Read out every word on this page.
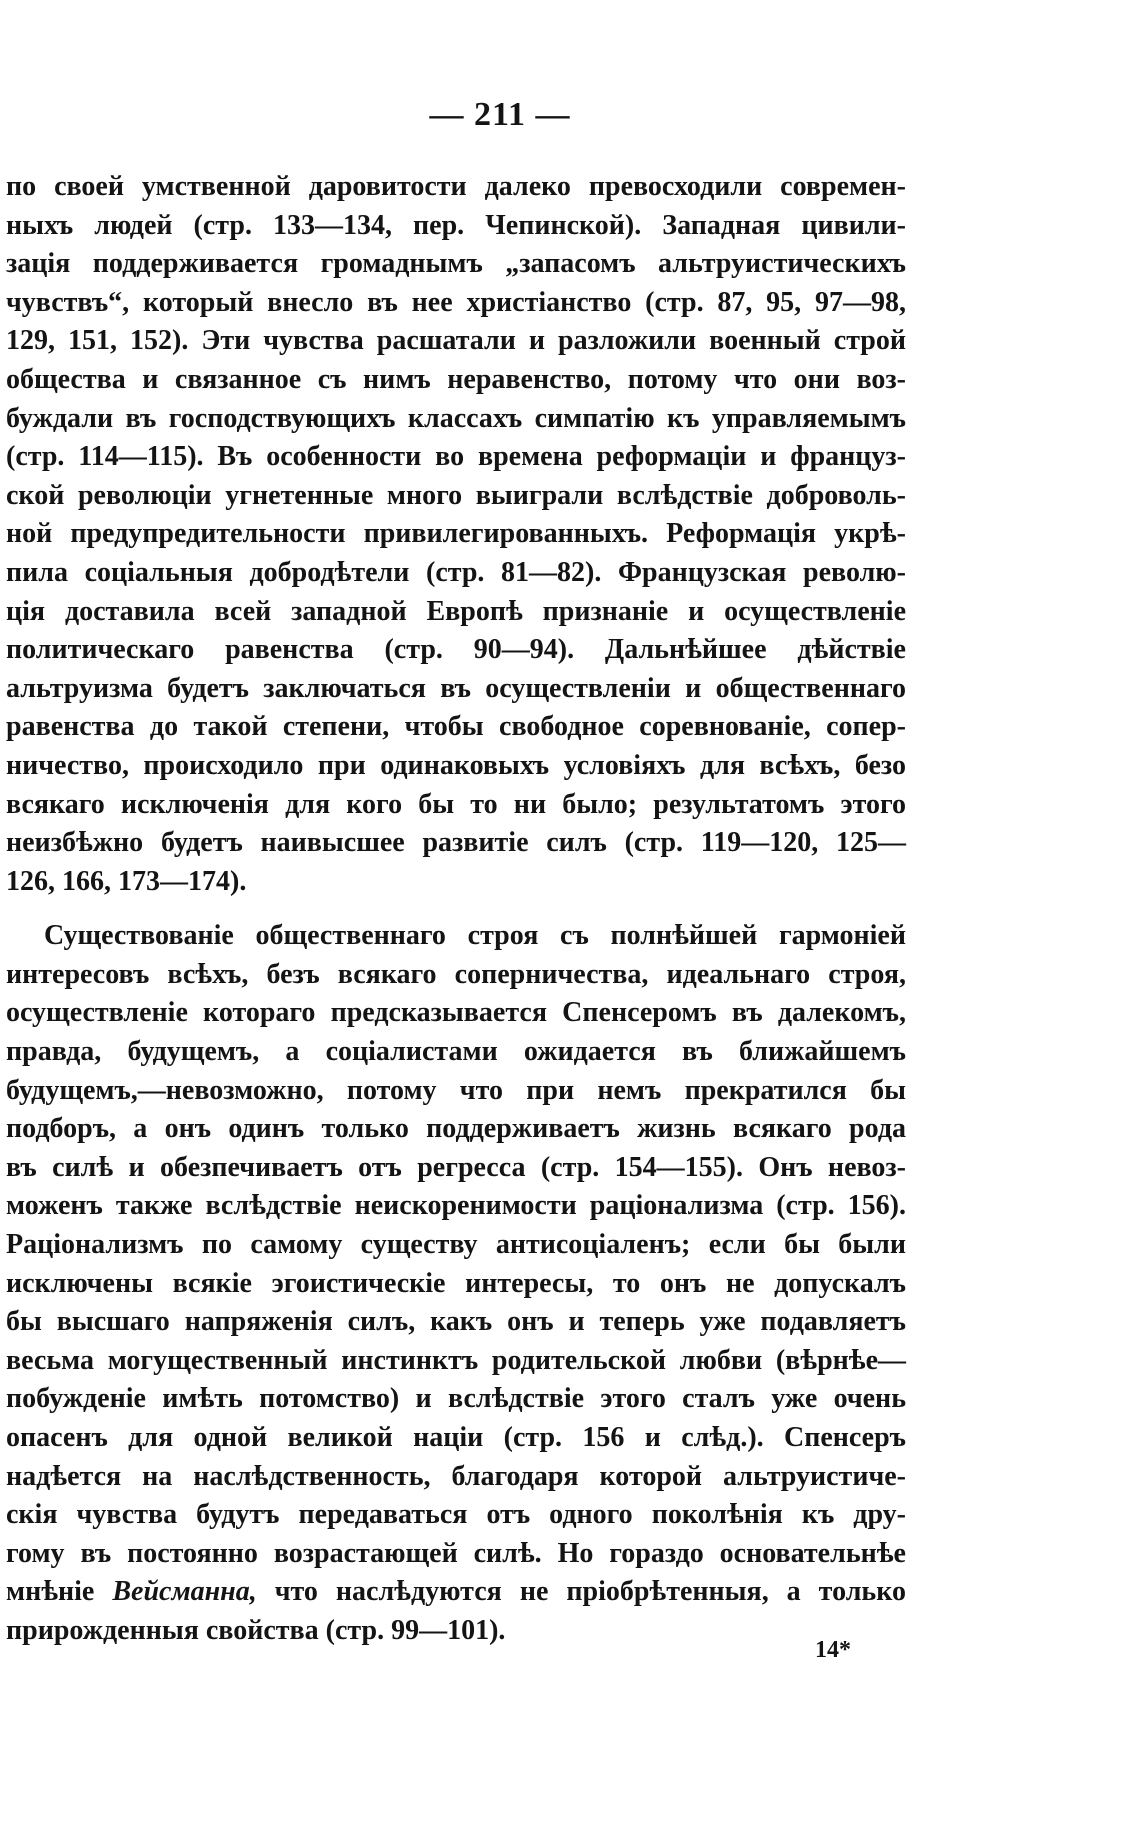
— 211 —
по своей умственной даровитости далеко превосходили современ-
ныхъ людей (стр. 133—134, пер. Чепинской). Западная цивили-
зація поддерживается громаднымъ „запасомъ альтруистическихъ
чувствъ“, который внесло въ нее христіанство (стр. 87, 95, 97—98,
129, 151, 152). Эти чувства расшатали и разложили военный строй
общества и связанное съ нимъ неравенство, потому что они воз-
буждали въ господствующихъ классахъ симпатію къ управляемымъ
(стр. 114—115). Въ особенности во времена реформаціи и француз-
ской революціи угнетенные много выиграли вслѣдствіе доброволь-
ной предупредительности привилегированныхъ. Реформація укрѣ-
пила соціальныя добродѣтели (стр. 81—82). Французская револю-
ція доставила всей западной Европѣ признаніе и осуществленіе
политическаго равенства (стр. 90—94). Дальнѣйшее дѣйствіе
альтруизма будетъ заключаться въ осуществленіи и общественнаго
равенства до такой степени, чтобы свободное соревнованіе, сопер-
ничество, происходило при одинаковыхъ условіяхъ для всѣхъ, безо
всякаго исключенія для кого бы то ни было; результатомъ этого
неизбѣжно будетъ наивысшее развитіе силъ (стр. 119—120, 125—
126, 166, 173—174).
Существованіе общественнаго строя съ полнѣйшей гармоніей
интересовъ всѣхъ, безъ всякаго соперничества, идеальнаго строя,
осуществленіе котораго предсказывается Спенсеромъ въ далекомъ,
правда, будущемъ, а соціалистами ожидается въ ближайшемъ
будущемъ,—невозможно, потому что при немъ прекратился бы
подборъ, а онъ одинъ только поддерживаетъ жизнь всякаго рода
въ силѣ и обезпечиваетъ отъ регресса (стр. 154—155). Онъ невоз-
моженъ также вслѣдствіе неискоренимости раціонализма (стр. 156).
Раціонализмъ по самому существу антисоціаленъ; если бы были
исключены всякіе эгоистическіе интересы, то онъ не допускалъ
бы высшаго напряженія силъ, какъ онъ и теперь уже подавляетъ
весьма могущественный инстинктъ родительской любви (вѣрнѣе—
побужденіе имѣть потомство) и вслѣдствіе этого сталъ уже очень
опасенъ для одной великой націи (стр. 156 и слѣд.). Спенсеръ
надѣется на наслѣдственность, благодаря которой альтруистиче-
скія чувства будутъ передаваться отъ одного поколѣнія къ дру-
гому въ постоянно возрастающей силѣ. Но гораздо основательнѣе
мнѣніе Вейсманна, что наслѣдуются не пріобрѣтенныя, а только
прирожденныя свойства (стр. 99—101).
14*
